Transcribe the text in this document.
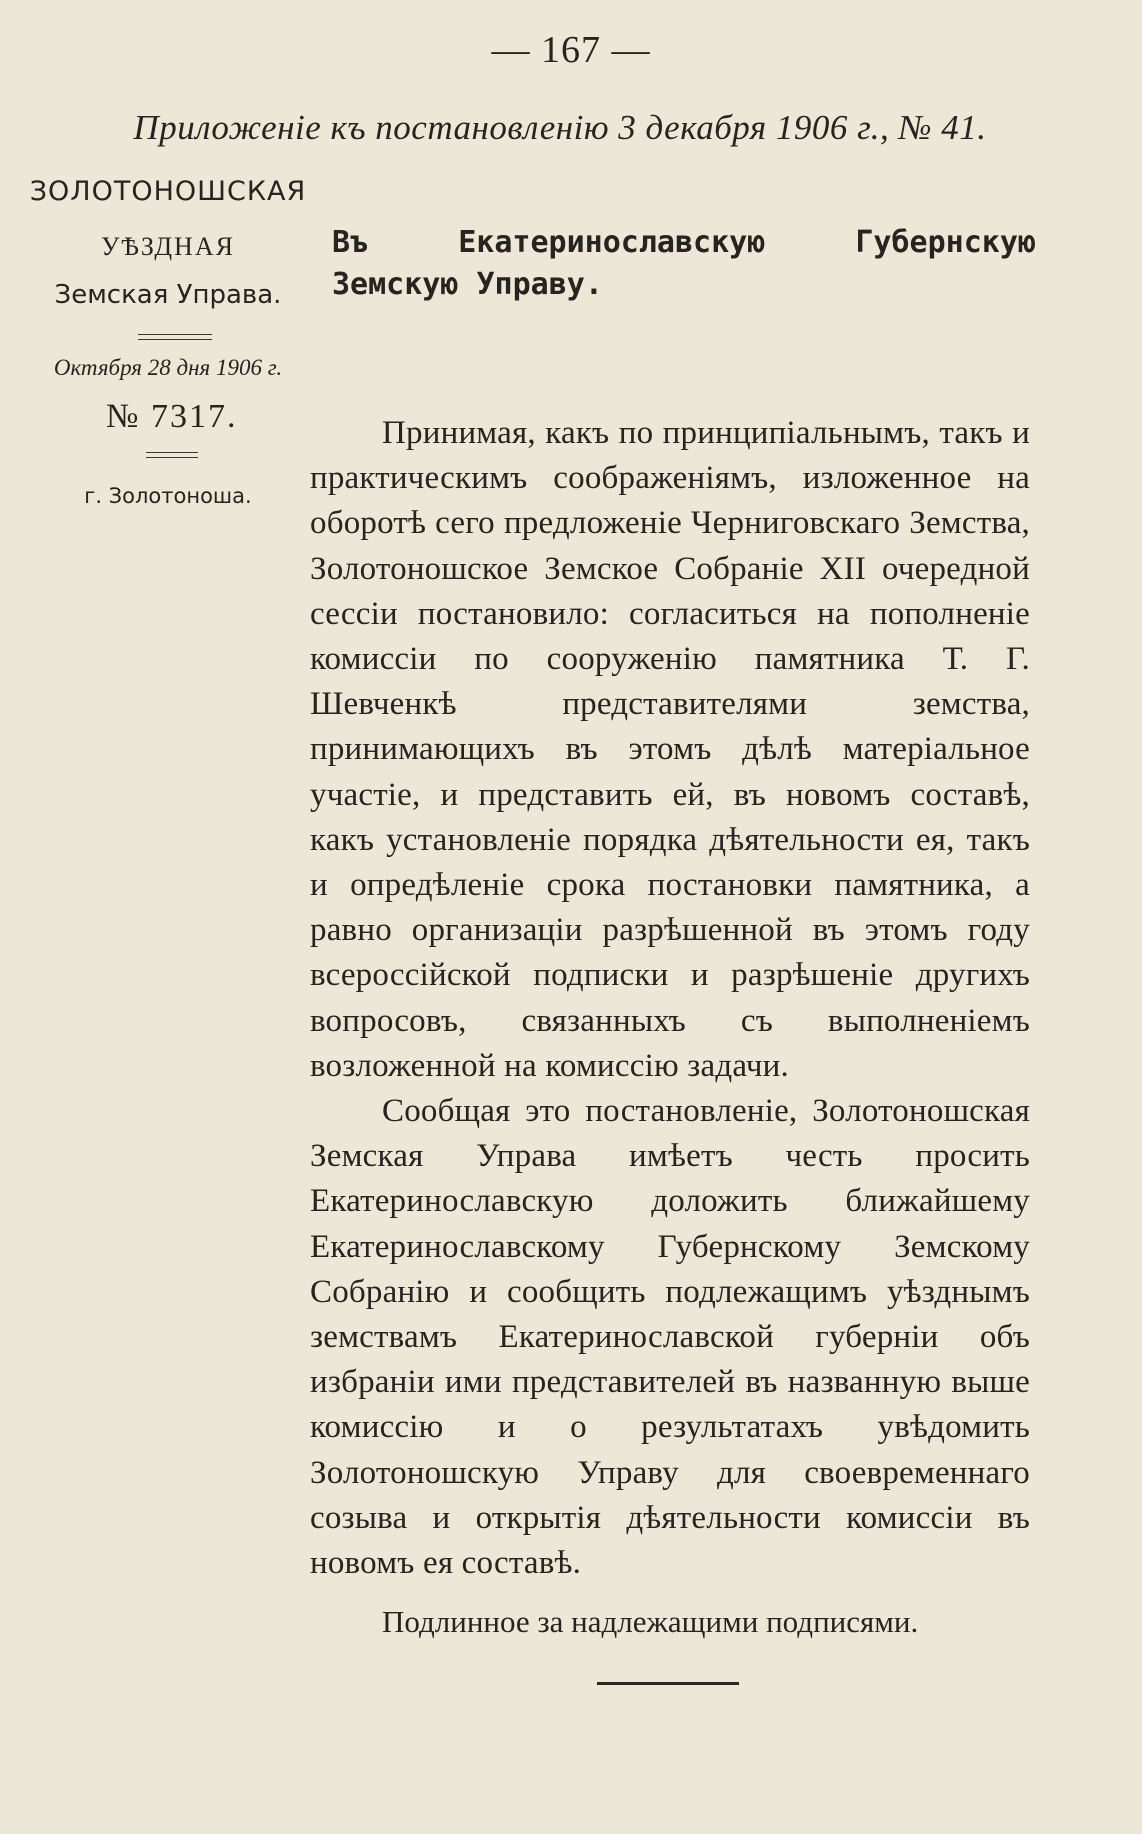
— 167 —
Приложеніе къ постановленію 3 декабря 1906 г., № 41.
ЗОЛОТОНОШСКАЯ
УѢЗДНАЯ
Земская Управа.
Октября 28 дня 1906 г.
№ 7317.
г. Золотоноша.
Въ	Екатеринославскую	Губернскую
Земскую Управу.

Принимая, какъ по принципіальнымъ, такъ и практическимъ соображеніямъ, изложенное на оборотѣ сего предложеніе Черниговскаго Земства, Золотоношское Земское Собраніе XII очередной сессіи постановило: согласиться на пополненіе комиссіи по сооруженію памятника Т. Г. Шевченкѣ представителями земства, принимающихъ въ этомъ дѣлѣ матеріальное участіе, и представить ей, въ новомъ составѣ, какъ установленіе порядка дѣятельности ея, такъ и опредѣленіе срока постановки памятника, а равно организаціи разрѣшенной въ этомъ году всероссійской подписки и разрѣшеніе другихъ вопросовъ, связанныхъ съ выполненіемъ возложенной на комиссію задачи.

Сообщая это постановленіе, Золотоношская Земская Управа имѣетъ честь просить Екатеринославскую доложить ближайшему Екатеринославскому Губернскому Земскому Собранію и сообщить подлежащимъ уѣзднымъ земствамъ Екатеринославской губерніи объ избраніи ими представителей въ названную выше комиссію и о результатахъ увѣдомить Золотоношскую Управу для своевременнаго созыва и открытія дѣятельности комиссіи въ новомъ ея составѣ.

Подлинное за надлежащими подписями.
